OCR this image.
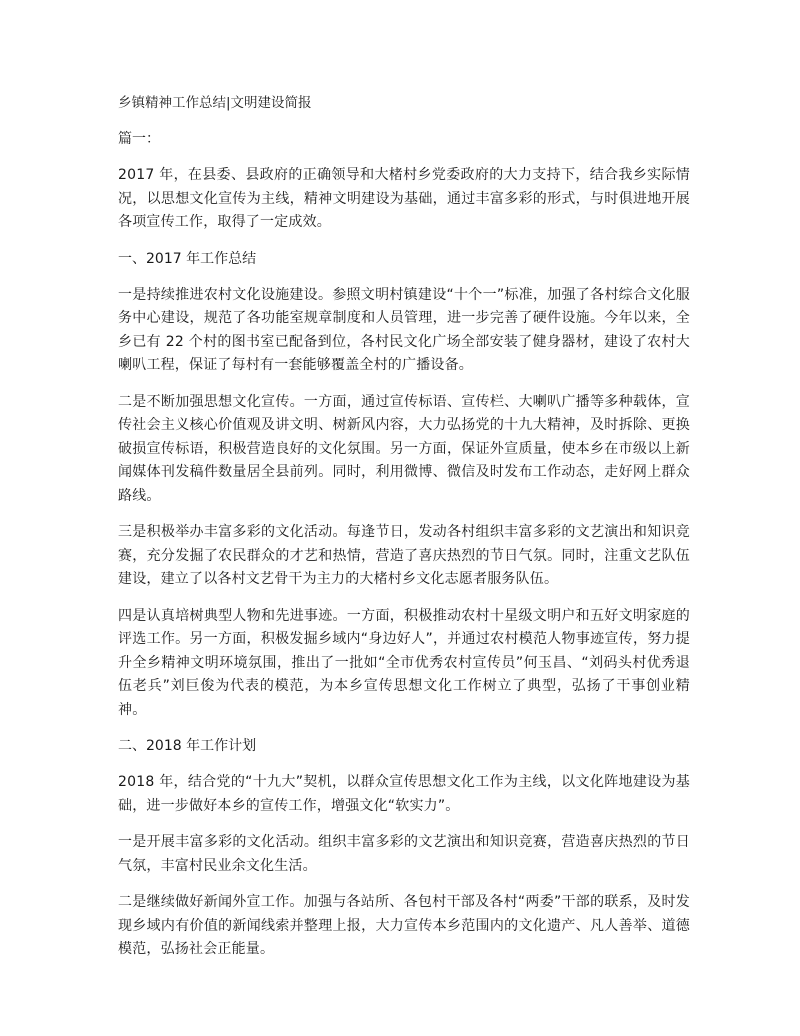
乡镇精神工作总结|文明建设简报
篇一：

2017 年，在县委、县政府的正确领导和大楮村乡党委政府的大力支持下，结合我乡实际情况，以思想文化宣传为主线，精神文明建设为基础，通过丰富多彩的形式，与时俱进地开展各项宣传工作，取得了一定成效。

一、2017 年工作总结

一是持续推进农村文化设施建设。参照文明村镇建设“十个一”标准，加强了各村综合文化服务中心建设，规范了各功能室规章制度和人员管理，进一步完善了硬件设施。今年以来，全乡已有 22 个村的图书室已配备到位，各村民文化广场全部安装了健身器材，建设了农村大喇叭工程，保证了每村有一套能够覆盖全村的广播设备。

二是不断加强思想文化宣传。一方面，通过宣传标语、宣传栏、大喇叭广播等多种载体，宣传社会主义核心价值观及讲文明、树新风内容，大力弘扬党的十九大精神，及时拆除、更换破损宣传标语，积极营造良好的文化氛围。另一方面，保证外宣质量，使本乡在市级以上新闻媒体刊发稿件数量居全县前列。同时，利用微博、微信及时发布工作动态，走好网上群众路线。

三是积极举办丰富多彩的文化活动。每逢节日，发动各村组织丰富多彩的文艺演出和知识竞赛，充分发掘了农民群众的才艺和热情，营造了喜庆热烈的节日气氛。同时，注重文艺队伍建设，建立了以各村文艺骨干为主力的大楮村乡文化志愿者服务队伍。

四是认真培树典型人物和先进事迹。一方面，积极推动农村十星级文明户和五好文明家庭的评选工作。另一方面，积极发掘乡域内“身边好人”，并通过农村模范人物事迹宣传，努力提升全乡精神文明环境氛围，推出了一批如“全市优秀农村宣传员”何玉昌、“刘码头村优秀退伍老兵”刘巨俊为代表的模范，为本乡宣传思想文化工作树立了典型，弘扬了干事创业精神。

二、2018 年工作计划

2018 年，结合党的“十九大”契机，以群众宣传思想文化工作为主线，以文化阵地建设为基础，进一步做好本乡的宣传工作，增强文化“软实力”。

一是开展丰富多彩的文化活动。组织丰富多彩的文艺演出和知识竞赛，营造喜庆热烈的节日气氛，丰富村民业余文化生活。

二是继续做好新闻外宣工作。加强与各站所、各包村干部及各村“两委”干部的联系，及时发现乡域内有价值的新闻线索并整理上报，大力宣传本乡范围内的文化遗产、凡人善举、道德模范，弘扬社会正能量。
